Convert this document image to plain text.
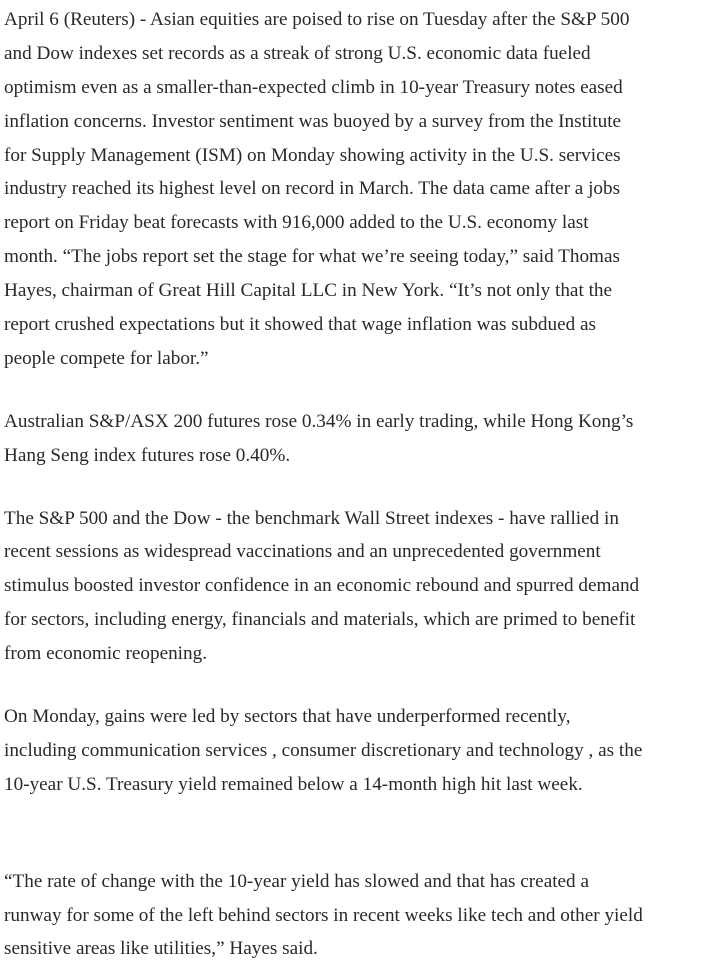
April 6 (Reuters) - Asian equities are poised to rise on Tuesday after the S&P 500
and Dow indexes set records as a streak of strong U.S. economic data fueled
optimism even as a smaller-than-expected climb in 10-year Treasury notes eased
inflation concerns. Investor sentiment was buoyed by a survey from the Institute
for Supply Management (ISM) on Monday showing activity in the U.S. services
industry reached its highest level on record in March. The data came after a jobs
report on Friday beat forecasts with 916,000 added to the U.S. economy last
month. “The jobs report set the stage for what we’re seeing today,” said Thomas
Hayes, chairman of Great Hill Capital LLC in New York. “It’s not only that the
report crushed expectations but it showed that wage inflation was subdued as
people compete for labor.”
Australian S&P/ASX 200 futures rose 0.34% in early trading, while Hong Kong’s
Hang Seng index futures rose 0.40%.
The S&P 500 and the Dow - the benchmark Wall Street indexes - have rallied in
recent sessions as widespread vaccinations and an unprecedented government
stimulus boosted investor confidence in an economic rebound and spurred demand
for sectors, including energy, financials and materials, which are primed to benefit
from economic reopening.
On Monday, gains were led by sectors that have underperformed recently,
including communication services , consumer discretionary and technology , as the
10-year U.S. Treasury yield remained below a 14-month high hit last week.
“The rate of change with the 10-year yield has slowed and that has created a
runway for some of the left behind sectors in recent weeks like tech and other yield
sensitive areas like utilities,” Hayes said.
